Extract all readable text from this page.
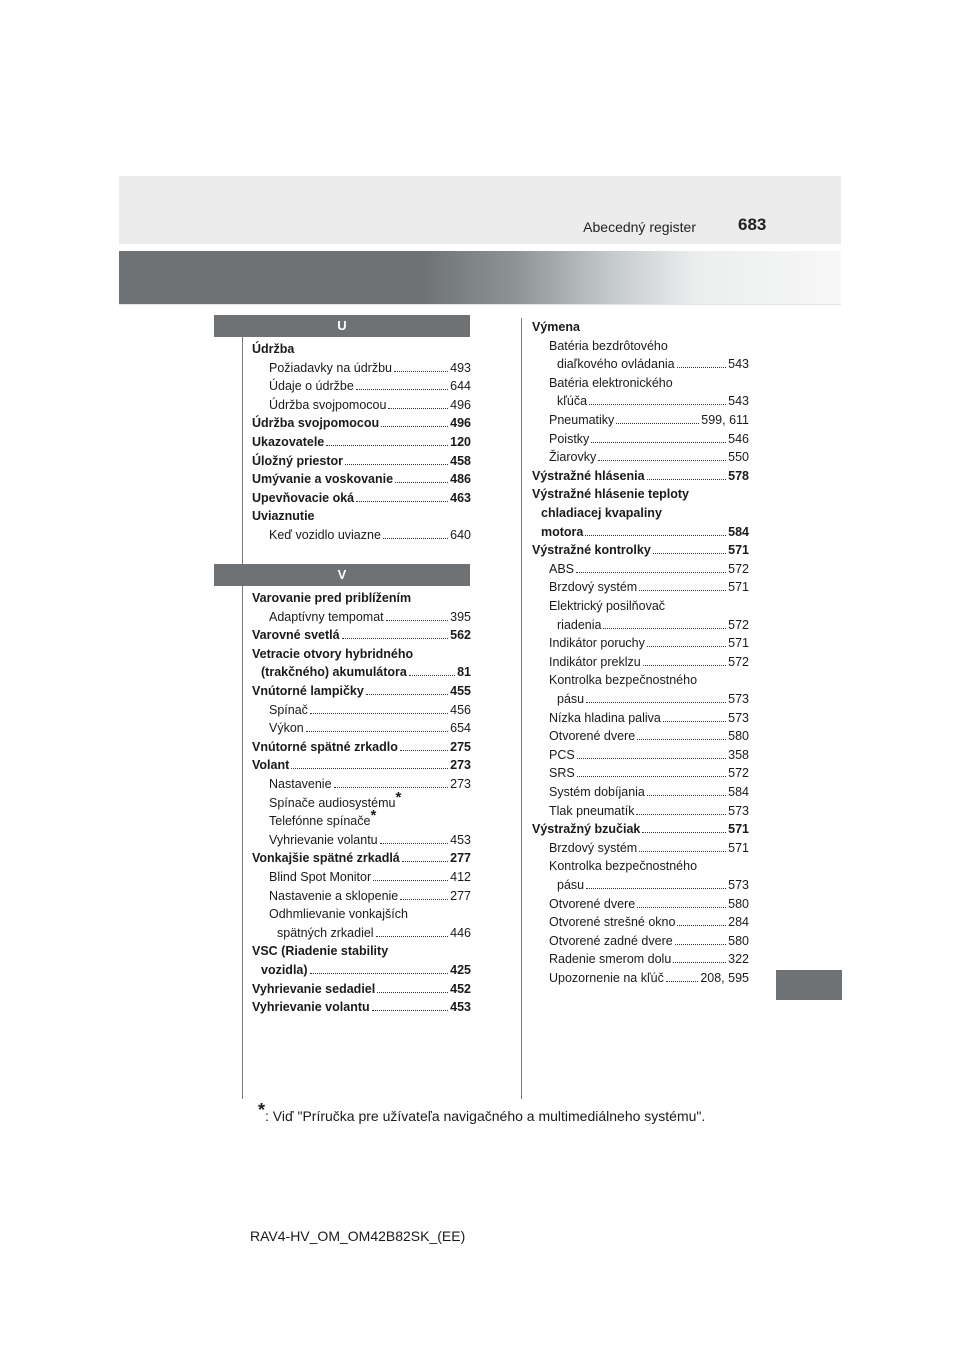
Abecedný register 683
Údržba
Požiadavky na údržbu	493
Údaje o údržbe	644
Údržba svojpomocou	496
Údržba svojpomocou	496
Ukazovatele	120
Úložný priestor	458
Umývanie a voskovanie	486
Upevňovacie oká	463
Uviaznutie
Keď vozidlo uviazne	640
Varovanie pred priblížením
Adaptívny tempomat	395
Varovné svetlá	562
Vetracie otvory hybridného
(trakčného) akumulátora	81
Vnútorné lampičky	455
Spínač	456
Výkon	654
Vnútorné spätné zrkadlo	275
Volant	273
Nastavenie	273
Spínače audiosystému*
Telefónne spínače*
Vyhrievanie volantu	453
Vonkajšie spätné zrkadlá	277
Blind Spot Monitor	412
Nastavenie a sklopenie	277
Odhmlievanie vonkajších
spätných zrkadiel	446
VSC (Riadenie stability
vozidla)	425
Vyhrievanie sedadiel	452
Vyhrievanie volantu	453
Výmena
Batéria bezdrôtového
diaľkového ovládania	543
Batéria elektronického
kľúča	543
Pneumatiky	599, 611
Poistky	546
Žiarovky	550
Výstražné hlásenia	578
Výstražné hlásenie teploty
chladiacej kvapaliny
motora	584
Výstražné kontrolky	571
ABS	572
Brzdový systém	571
Elektrický posilňovač
riadenia	572
Indikátor poruchy	571
Indikátor preklzu	572
Kontrolka bezpečnostného
pásu	573
Nízka hladina paliva	573
Otvorené dvere	580
PCS	358
SRS	572
Systém dobíjania	584
Tlak pneumatík	573
Výstražný bzučiak	571
Brzdový systém	571
Kontrolka bezpečnostného
pásu	573
Otvorené dvere	580
Otvorené strešné okno	284
Otvorené zadné dvere	580
Radenie smerom dolu	322
Upozornenie na kľúč	208, 595
*: Viď "Príručka pre užívateľa navigačného a multimediálneho systému".
RAV4-HV_OM_OM42B82SK_(EE)
U
V
